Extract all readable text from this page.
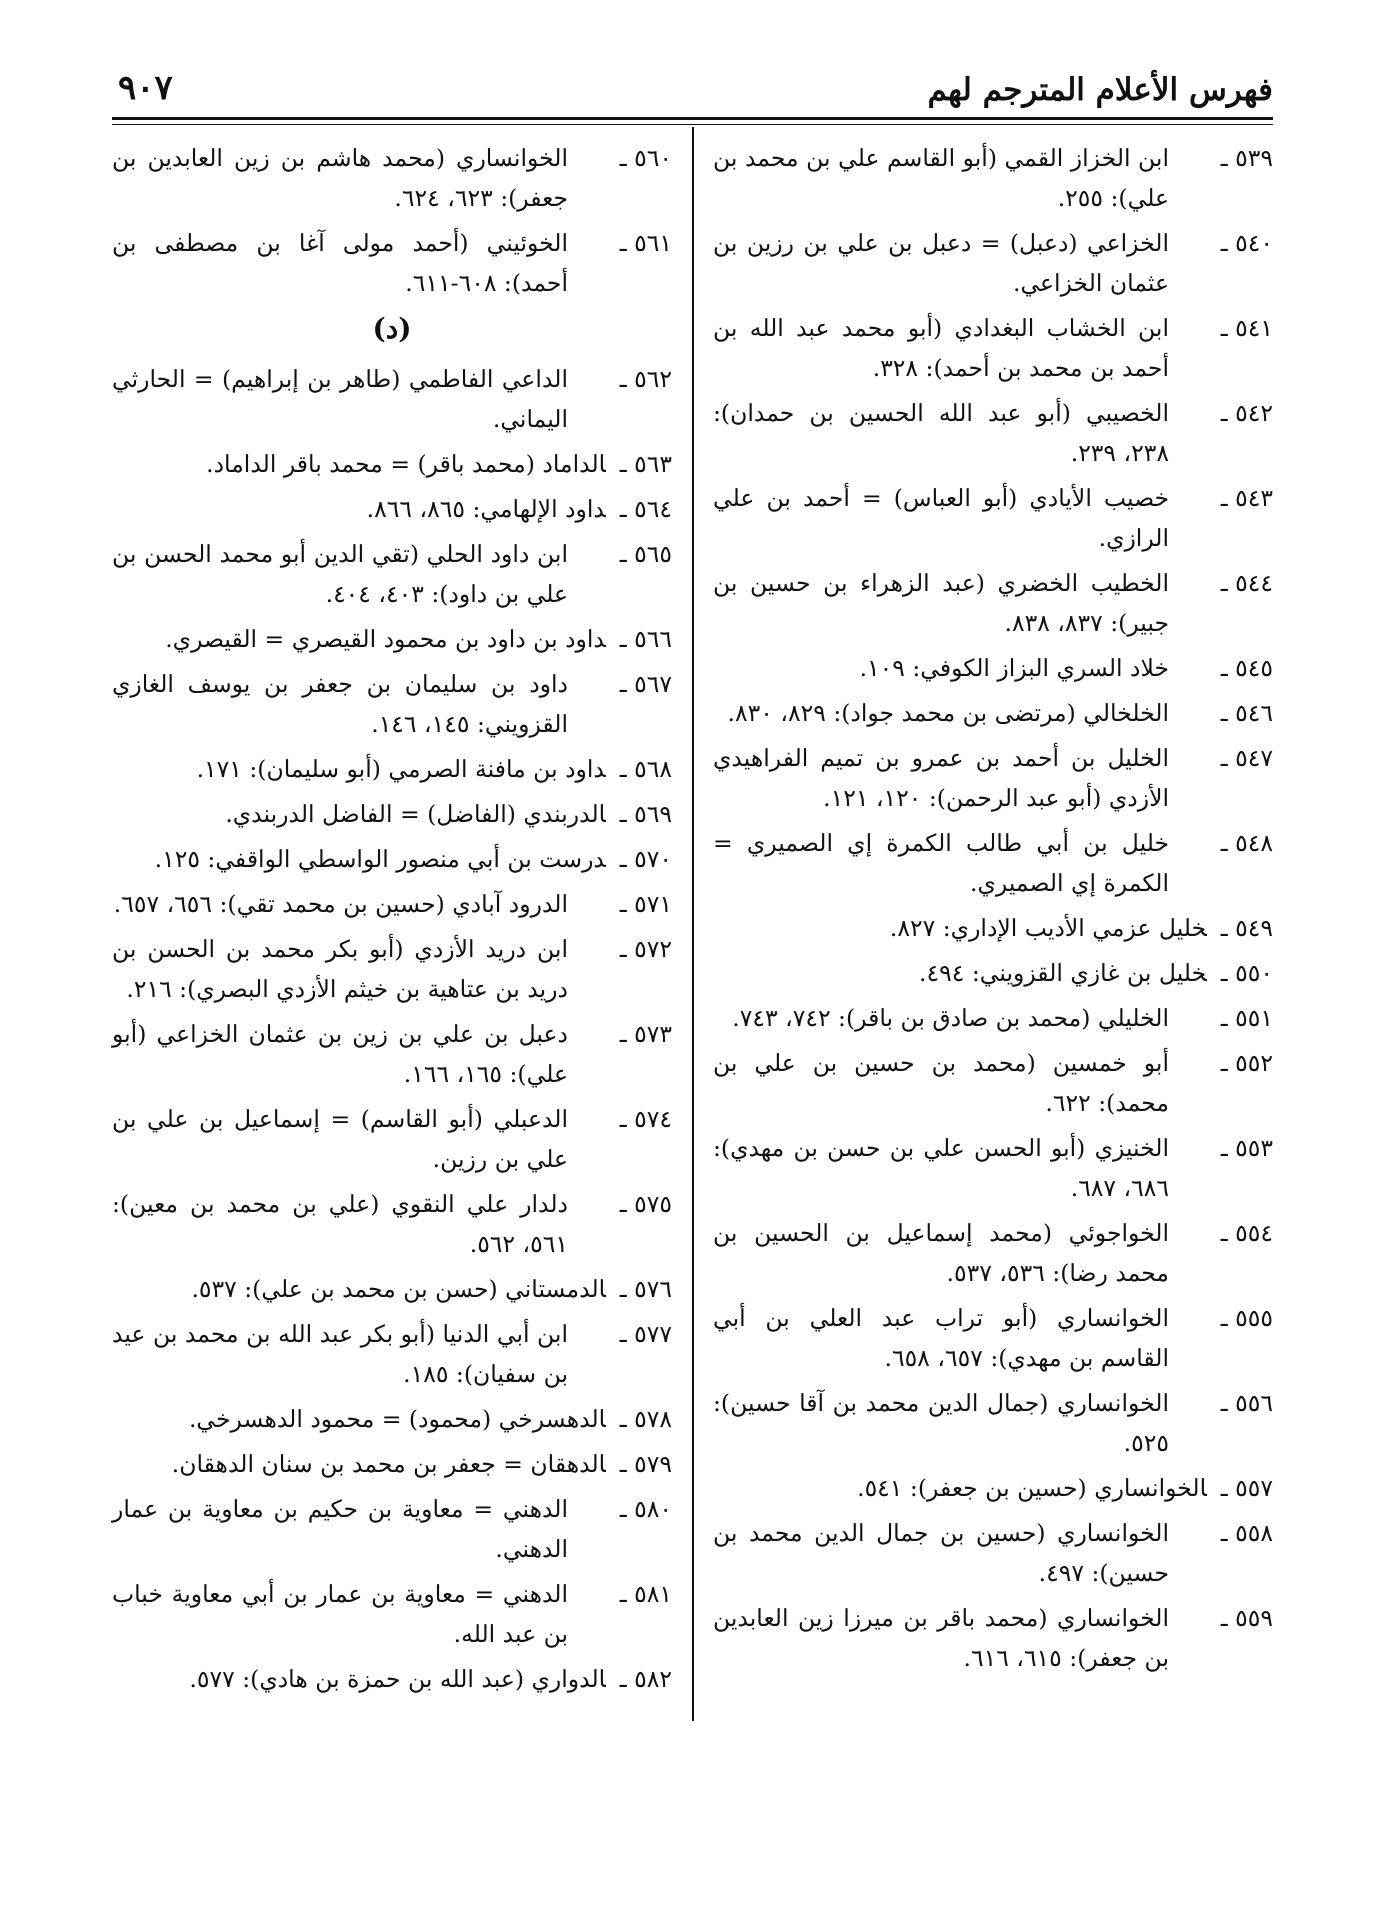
فهرس الأعلام المترجم لهم
٩٠٧
٥٣٩ ـ
ابن الخزاز القمي (أبو القاسم علي بن محمد بن علي): ٢٥٥.
٥٤٠ ـ
الخزاعي (دعبل) = دعبل بن علي بن رزين بن عثمان الخزاعي.
٥٤١ ـ
ابن الخشاب البغدادي (أبو محمد عبد الله بن أحمد بن محمد بن أحمد): ٣٢٨.
٥٤٢ ـ
الخصيبي (أبو عبد الله الحسين بن حمدان): ٢٣٨، ٢٣٩.
٥٤٣ ـ
خصيب الأيادي (أبو العباس) = أحمد بن علي الرازي.
٥٤٤ ـ
الخطيب الخضري (عبد الزهراء بن حسين بن جبير): ٨٣٧، ٨٣٨.
٥٤٥ ـ
خلاد السري البزاز الكوفي: ١٠٩.
٥٤٦ ـ
الخلخالي (مرتضى بن محمد جواد): ٨٢٩، ٨٣٠.
٥٤٧ ـ
الخليل بن أحمد بن عمرو بن تميم الفراهيدي الأزدي (أبو عبد الرحمن): ١٢٠، ١٢١.
٥٤٨ ـ
خليل بن أبي طالب الكمرة إي الصميري = الكمرة إي الصميري.
٥٤٩ ـخليل عزمي الأديب الإداري: ٨٢٧.
٥٥٠ ـخليل بن غازي القزويني: ٤٩٤.
٥٥١ ـ
الخليلي (محمد بن صادق بن باقر): ٧٤٢، ٧٤٣.
٥٥٢ ـ
أبو خمسين (محمد بن حسين بن علي بن محمد): ٦٢٢.
٥٥٣ ـ
الخنيزي (أبو الحسن علي بن حسن بن مهدي): ٦٨٦، ٦٨٧.
٥٥٤ ـ
الخواجوئي (محمد إسماعيل بن الحسين بن محمد رضا): ٥٣٦، ٥٣٧.
٥٥٥ ـ
الخوانساري (أبو تراب عبد العلي بن أبي القاسم بن مهدي): ٦٥٧، ٦٥٨.
٥٥٦ ـ
الخوانساري (جمال الدين محمد بن آقا حسين): ٥٢٥.
٥٥٧ ـالخوانساري (حسين بن جعفر): ٥٤١.
٥٥٨ ـ
الخوانساري (حسين بن جمال الدين محمد بن حسين): ٤٩٧.
٥٥٩ ـ
الخوانساري (محمد باقر بن ميرزا زين العابدين بن جعفر): ٦١٥، ٦١٦.
٥٦٠ ـ
الخوانساري (محمد هاشم بن زين العابدين بن جعفر): ٦٢٣، ٦٢٤.
٥٦١ ـ
الخوئيني (أحمد مولى آغا بن مصطفى بن أحمد): ٦٠٨-٦١١.
(د)
٥٦٢ ـ
الداعي الفاطمي (طاهر بن إبراهيم) = الحارثي اليماني.
٥٦٣ ـالداماد (محمد باقر) = محمد باقر الداماد.
٥٦٤ ـداود الإلهامي: ٨٦٥، ٨٦٦.
٥٦٥ ـ
ابن داود الحلي (تقي الدين أبو محمد الحسن بن علي بن داود): ٤٠٣، ٤٠٤.
٥٦٦ ـداود بن داود بن محمود القيصري = القيصري.
٥٦٧ ـ
داود بن سليمان بن جعفر بن يوسف الغازي القزويني: ١٤٥، ١٤٦.
٥٦٨ ـداود بن مافنة الصرمي (أبو سليمان): ١٧١.
٥٦٩ ـالدربندي (الفاضل) = الفاضل الدربندي.
٥٧٠ ـدرست بن أبي منصور الواسطي الواقفي: ١٢٥.
٥٧١ ـ
الدرود آبادي (حسين بن محمد تقي): ٦٥٦، ٦٥٧.
٥٧٢ ـ
ابن دريد الأزدي (أبو بكر محمد بن الحسن بن دريد بن عتاهية بن خيثم الأزدي البصري): ٢١٦.
٥٧٣ ـ
دعبل بن علي بن زين بن عثمان الخزاعي (أبو علي): ١٦٥، ١٦٦.
٥٧٤ ـ
الدعبلي (أبو القاسم) = إسماعيل بن علي بن علي بن رزين.
٥٧٥ ـ
دلدار علي النقوي (علي بن محمد بن معين): ٥٦١، ٥٦٢.
٥٧٦ ـالدمستاني (حسن بن محمد بن علي): ٥٣٧.
٥٧٧ ـ
ابن أبي الدنيا (أبو بكر عبد الله بن محمد بن عيد بن سفيان): ١٨٥.
٥٧٨ ـالدهسرخي (محمود) = محمود الدهسرخي.
٥٧٩ ـالدهقان = جعفر بن محمد بن سنان الدهقان.
٥٨٠ ـ
الدهني = معاوية بن حكيم بن معاوية بن عمار الدهني.
٥٨١ ـ
الدهني = معاوية بن عمار بن أبي معاوية خباب بن عبد الله.
٥٨٢ ـالدواري (عبد الله بن حمزة بن هادي): ٥٧٧.
